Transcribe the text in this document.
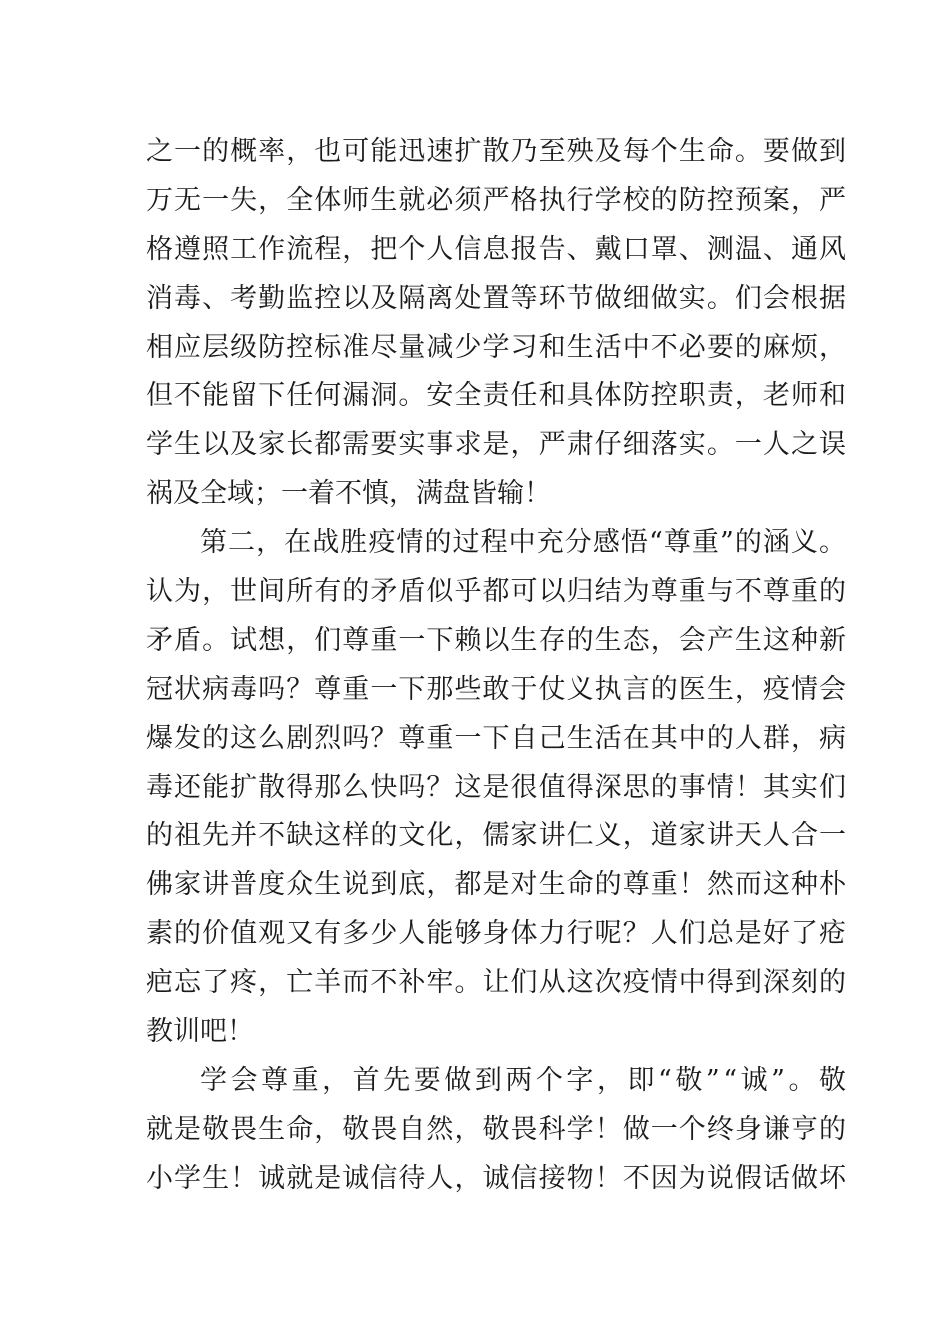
之一的概率，也可能迅速扩散乃至殃及每个生命。要做到
万无一失，全体师生就必须严格执行学校的防控预案，严
格遵照工作流程，把个人信息报告、戴口罩、测温、通风
消毒、考勤监控以及隔离处置等环节做细做实。们会根据
相应层级防控标准尽量减少学习和生活中不必要的麻烦，
但不能留下任何漏洞。安全责任和具体防控职责，老师和
学生以及家长都需要实事求是，严肃仔细落实。一人之误
祸及全域；一着不慎，满盘皆输！
第二，在战胜疫情的过程中充分感悟“尊重”的涵义。
认为，世间所有的矛盾似乎都可以归结为尊重与不尊重的
矛盾。试想，们尊重一下赖以生存的生态，会产生这种新
冠状病毒吗？尊重一下那些敢于仗义执言的医生，疫情会
爆发的这么剧烈吗？尊重一下自己生活在其中的人群，病
毒还能扩散得那么快吗？这是很值得深思的事情！其实们
的祖先并不缺这样的文化，儒家讲仁义，道家讲天人合一
佛家讲普度众生说到底，都是对生命的尊重！然而这种朴
素的价值观又有多少人能够身体力行呢？人们总是好了疮
疤忘了疼，亡羊而不补牢。让们从这次疫情中得到深刻的
教训吧！
学会尊重，首先要做到两个字，即“敬”“诚”。敬
就是敬畏生命，敬畏自然，敬畏科学！做一个终身谦亨的
小学生！诚就是诚信待人，诚信接物！不因为说假话做坏
